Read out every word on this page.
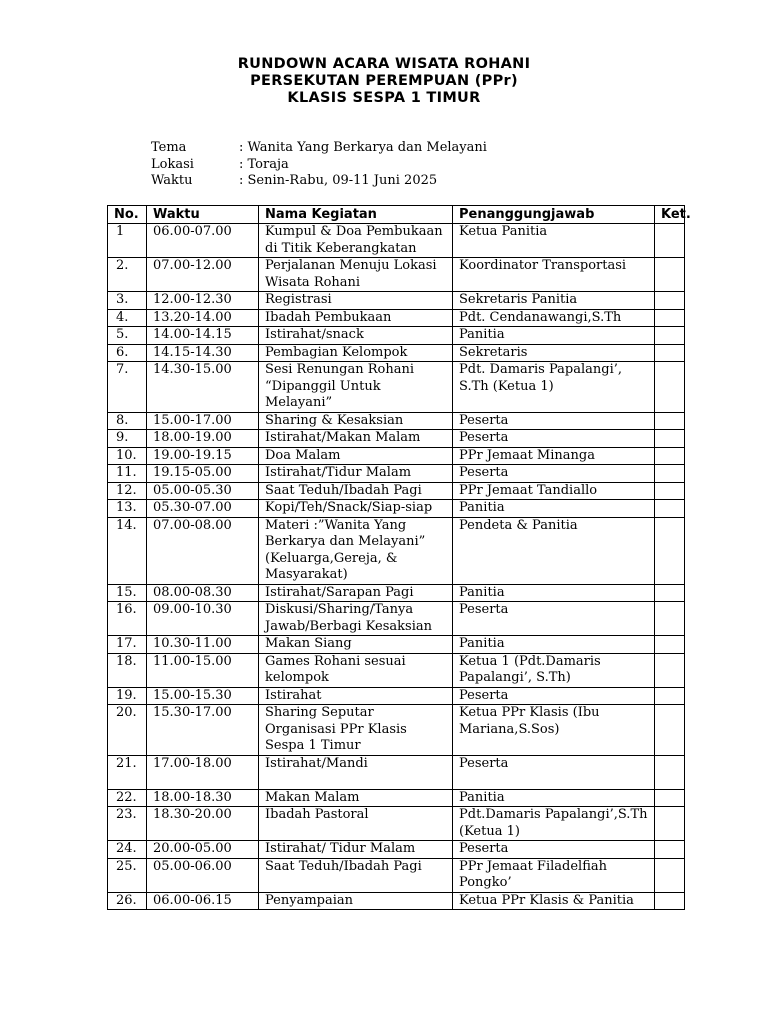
RUNDOWN ACARA WISATA ROHANI
PERSEKUTAN PEREMPUAN (PPr)
KLASIS SESPA 1 TIMUR
Tema	: Wanita Yang Berkarya dan Melayani
Lokasi	: Toraja
Waktu	: Senin-Rabu, 09-11 Juni 2025
No.	Waktu	Nama Kegiatan	Penanggungjawab	Ket.
1	06.00-07.00	Kumpul & Doa Pembukaan di Titik Keberangkatan	Ketua Panitia	
2.	07.00-12.00	Perjalanan Menuju Lokasi Wisata Rohani	Koordinator Transportasi	
3.	12.00-12.30	Registrasi	Sekretaris Panitia	
4.	13.20-14.00	Ibadah Pembukaan	Pdt. Cendanawangi,S.Th	
5.	14.00-14.15	Istirahat/snack	Panitia	
6.	14.15-14.30	Pembagian Kelompok	Sekretaris	
7.	14.30-15.00	Sesi Renungan Rohani “Dipanggil Untuk Melayani”	Pdt. Damaris Papalangi’, S.Th (Ketua 1)	
8.	15.00-17.00	Sharing & Kesaksian	Peserta	
9.	18.00-19.00	Istirahat/Makan Malam	Peserta	
10.	19.00-19.15	Doa Malam	PPr Jemaat Minanga	
11.	19.15-05.00	Istirahat/Tidur Malam	Peserta	
12.	05.00-05.30	Saat Teduh/Ibadah Pagi	PPr Jemaat Tandiallo	
13.	05.30-07.00	Kopi/Teh/Snack/Siap-siap	Panitia	
14.	07.00-08.00	Materi :”Wanita Yang Berkarya dan Melayani” (Keluarga,Gereja, & Masyarakat)	Pendeta & Panitia	
15.	08.00-08.30	Istirahat/Sarapan Pagi	Panitia	
16.	09.00-10.30	Diskusi/Sharing/Tanya Jawab/Berbagi Kesaksian	Peserta	
17.	10.30-11.00	Makan Siang	Panitia	
18.	11.00-15.00	Games Rohani sesuai kelompok	Ketua 1 (Pdt.Damaris Papalangi’, S.Th)	
19.	15.00-15.30	Istirahat	Peserta	
20.	15.30-17.00	Sharing Seputar Organisasi PPr Klasis Sespa 1 Timur	Ketua PPr Klasis (Ibu Mariana,S.Sos)	
21.	17.00-18.00	Istirahat/Mandi	Peserta	
22.	18.00-18.30	Makan Malam	Panitia	
23.	18.30-20.00	Ibadah Pastoral	Pdt.Damaris Papalangi’,S.Th (Ketua 1)	
24.	20.00-05.00	Istirahat/ Tidur Malam	Peserta	
25.	05.00-06.00	Saat Teduh/Ibadah Pagi	PPr Jemaat Filadelfiah Pongko’	
26.	06.00-06.15	Penyampaian	Ketua PPr Klasis & Panitia	
